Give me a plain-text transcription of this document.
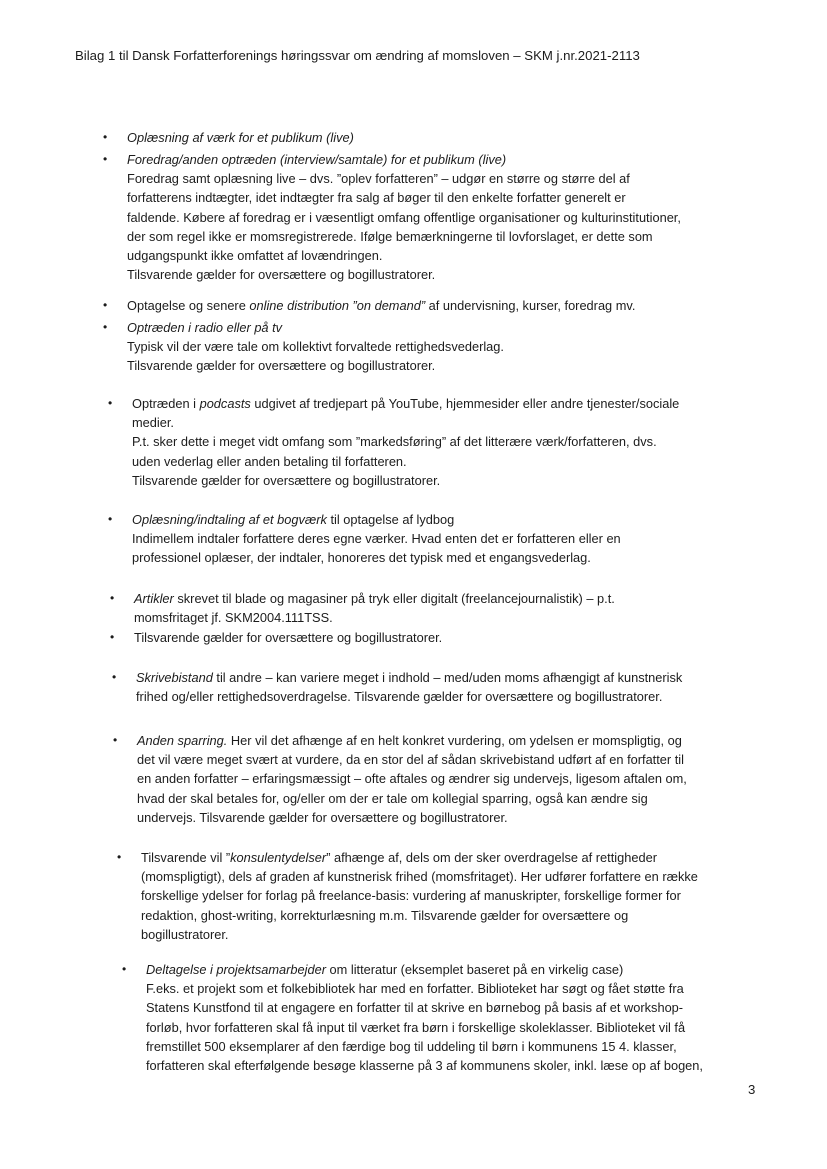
Bilag 1 til Dansk Forfatterforenings høringssvar om ændring af momsloven – SKM j.nr.2021-2113
• Oplæsning af værk for et publikum (live)
• Foredrag/anden optræden (interview/samtale) for et publikum (live)
Foredrag samt oplæsning live – dvs. ”oplev forfatteren” – udgør en større og større del af
forfatterens indtægter, idet indtægter fra salg af bøger til den enkelte forfatter generelt er
faldende. Købere af foredrag er i væsentligt omfang offentlige organisationer og kulturinstitutioner,
der som regel ikke er momsregistrerede. Ifølge bemærkningerne til lovforslaget, er dette som
udgangspunkt ikke omfattet af lovændringen.
Tilsvarende gælder for oversættere og bogillustratorer.
• Optagelse og senere online distribution ”on demand” af undervisning, kurser, foredrag mv.
• Optræden i radio eller på tv
Typisk vil der være tale om kollektivt forvaltede rettighedsvederlag.
Tilsvarende gælder for oversættere og bogillustratorer.
• Optræden i podcasts udgivet af tredjepart på YouTube, hjemmesider eller andre tjenester/sociale
medier.
P.t. sker dette i meget vidt omfang som ”markedsføring” af det litterære værk/forfatteren, dvs.
uden vederlag eller anden betaling til forfatteren.
Tilsvarende gælder for oversættere og bogillustratorer.
• Oplæsning/indtaling af et bogværk til optagelse af lydbog
Indimellem indtaler forfattere deres egne værker. Hvad enten det er forfatteren eller en
professionel oplæser, der indtaler, honoreres det typisk med et engangsvederlag.
• Artikler skrevet til blade og magasiner på tryk eller digitalt (freelancejournalistik) – p.t.
momsfritaget jf. SKM2004.111TSS.
• Tilsvarende gælder for oversættere og bogillustratorer.
• Skrivebistand til andre – kan variere meget i indhold – med/uden moms afhængigt af kunstnerisk
frihed og/eller rettighedsoverdragelse. Tilsvarende gælder for oversættere og bogillustratorer.
• Anden sparring. Her vil det afhænge af en helt konkret vurdering, om ydelsen er momspligtig, og
det vil være meget svært at vurdere, da en stor del af sådan skrivebistand udført af en forfatter til
en anden forfatter – erfaringsmæssigt – ofte aftales og ændrer sig undervejs, ligesom aftalen om,
hvad der skal betales for, og/eller om der er tale om kollegial sparring, også kan ændre sig
undervejs. Tilsvarende gælder for oversættere og bogillustratorer.
• Tilsvarende vil ”konsulentydelser” afhænge af, dels om der sker overdragelse af rettigheder
(momspligtigt), dels af graden af kunstnerisk frihed (momsfritaget). Her udfører forfattere en række
forskellige ydelser for forlag på freelance-basis: vurdering af manuskripter, forskellige former for
redaktion, ghost-writing, korrekturlæsning m.m. Tilsvarende gælder for oversættere og
bogillustratorer.
• Deltagelse i projektsamarbejder om litteratur (eksemplet baseret på en virkelig case)
F.eks. et projekt som et folkebibliotek har med en forfatter. Biblioteket har søgt og fået støtte fra
Statens Kunstfond til at engagere en forfatter til at skrive en børnebog på basis af et workshop-
forløb, hvor forfatteren skal få input til værket fra børn i forskellige skoleklasser. Biblioteket vil få
fremstillet 500 eksemplarer af den færdige bog til uddeling til børn i kommunens 15 4. klasser,
forfatteren skal efterfølgende besøge klasserne på 3 af kommunens skoler, inkl. læse op af bogen,
3
